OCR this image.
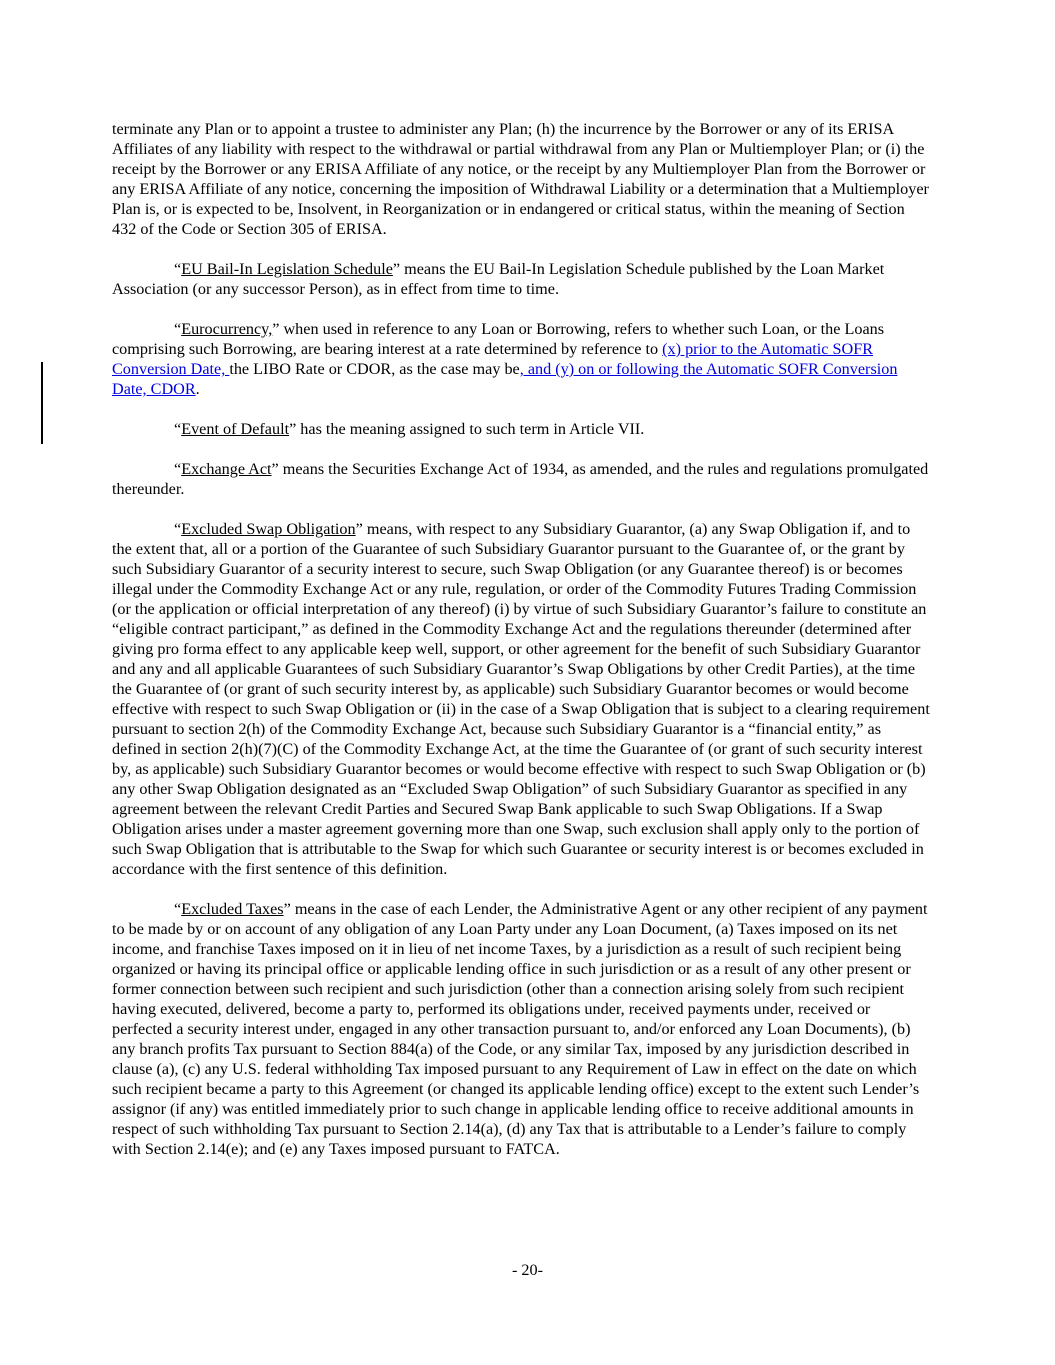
terminate any Plan or to appoint a trustee to administer any Plan; (h) the incurrence by the Borrower or any of its ERISA Affiliates of any liability with respect to the withdrawal or partial withdrawal from any Plan or Multiemployer Plan; or (i) the receipt by the Borrower or any ERISA Affiliate of any notice, or the receipt by any Multiemployer Plan from the Borrower or any ERISA Affiliate of any notice, concerning the imposition of Withdrawal Liability or a determination that a Multiemployer Plan is, or is expected to be, Insolvent, in Reorganization or in endangered or critical status, within the meaning of Section 432 of the Code or Section 305 of ERISA.

“EU Bail-In Legislation Schedule” means the EU Bail-In Legislation Schedule published by the Loan Market Association (or any successor Person), as in effect from time to time.

“Eurocurrency,” when used in reference to any Loan or Borrowing, refers to whether such Loan, or the Loans comprising such Borrowing, are bearing interest at a rate determined by reference to (x) prior to the Automatic SOFR Conversion Date, the LIBO Rate or CDOR, as the case may be, and (y) on or following the Automatic SOFR Conversion Date, CDOR.

“Event of Default” has the meaning assigned to such term in Article VII.

“Exchange Act” means the Securities Exchange Act of 1934, as amended, and the rules and regulations promulgated thereunder.

“Excluded Swap Obligation” means, with respect to any Subsidiary Guarantor, (a) any Swap Obligation if, and to the extent that, all or a portion of the Guarantee of such Subsidiary Guarantor pursuant to the Guarantee of, or the grant by such Subsidiary Guarantor of a security interest to secure, such Swap Obligation (or any Guarantee thereof) is or becomes illegal under the Commodity Exchange Act or any rule, regulation, or order of the Commodity Futures Trading Commission (or the application or official interpretation of any thereof) (i) by virtue of such Subsidiary Guarantor’s failure to constitute an “eligible contract participant,” as defined in the Commodity Exchange Act and the regulations thereunder (determined after giving pro forma effect to any applicable keep well, support, or other agreement for the benefit of such Subsidiary Guarantor and any and all applicable Guarantees of such Subsidiary Guarantor’s Swap Obligations by other Credit Parties), at the time the Guarantee of (or grant of such security interest by, as applicable) such Subsidiary Guarantor becomes or would become effective with respect to such Swap Obligation or (ii) in the case of a Swap Obligation that is subject to a clearing requirement pursuant to section 2(h) of the Commodity Exchange Act, because such Subsidiary Guarantor is a “financial entity,” as defined in section 2(h)(7)(C) of the Commodity Exchange Act, at the time the Guarantee of (or grant of such security interest by, as applicable) such Subsidiary Guarantor becomes or would become effective with respect to such Swap Obligation or (b) any other Swap Obligation designated as an “Excluded Swap Obligation” of such Subsidiary Guarantor as specified in any agreement between the relevant Credit Parties and Secured Swap Bank applicable to such Swap Obligations. If a Swap Obligation arises under a master agreement governing more than one Swap, such exclusion shall apply only to the portion of such Swap Obligation that is attributable to the Swap for which such Guarantee or security interest is or becomes excluded in accordance with the first sentence of this definition.

“Excluded Taxes” means in the case of each Lender, the Administrative Agent or any other recipient of any payment to be made by or on account of any obligation of any Loan Party under any Loan Document, (a) Taxes imposed on its net income, and franchise Taxes imposed on it in lieu of net income Taxes, by a jurisdiction as a result of such recipient being organized or having its principal office or applicable lending office in such jurisdiction or as a result of any other present or former connection between such recipient and such jurisdiction (other than a connection arising solely from such recipient having executed, delivered, become a party to, performed its obligations under, received payments under, received or perfected a security interest under, engaged in any other transaction pursuant to, and/or enforced any Loan Documents), (b) any branch profits Tax pursuant to Section 884(a) of the Code, or any similar Tax, imposed by any jurisdiction described in clause (a), (c) any U.S. federal withholding Tax imposed pursuant to any Requirement of Law in effect on the date on which such recipient became a party to this Agreement (or changed its applicable lending office) except to the extent such Lender’s assignor (if any) was entitled immediately prior to such change in applicable lending office to receive additional amounts in respect of such withholding Tax pursuant to Section 2.14(a), (d) any Tax that is attributable to a Lender’s failure to comply with Section 2.14(e); and (e) any Taxes imposed pursuant to FATCA.

- 20-
